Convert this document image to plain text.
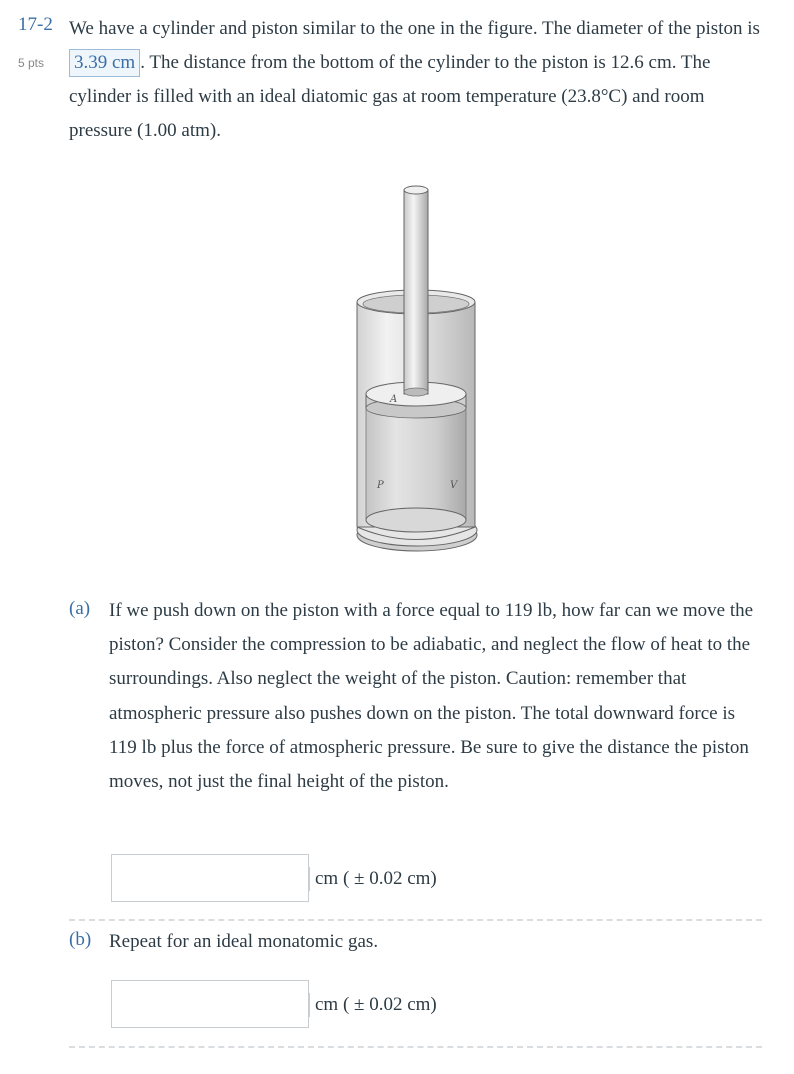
17-2
5 pts
We have a cylinder and piston similar to the one in the figure. The diameter of the piston is 3.39 cm . The distance from the bottom of the cylinder to the piston is 12.6 cm. The cylinder is filled with an ideal diatomic gas at room temperature (23.8°C) and room pressure (1.00 atm).
A
P	V
(a) If we push down on the piston with a force equal to 119 lb, how far can we move the piston? Consider the compression to be adiabatic, and neglect the flow of heat to the surroundings. Also neglect the weight of the piston. Caution: remember that atmospheric pressure also pushes down on the piston. The total downward force is 119 lb plus the force of atmospheric pressure. Be sure to give the distance the piston moves, not just the final height of the piston.
cm ( ± 0.02 cm)
(b) Repeat for an ideal monatomic gas.
cm ( ± 0.02 cm)
